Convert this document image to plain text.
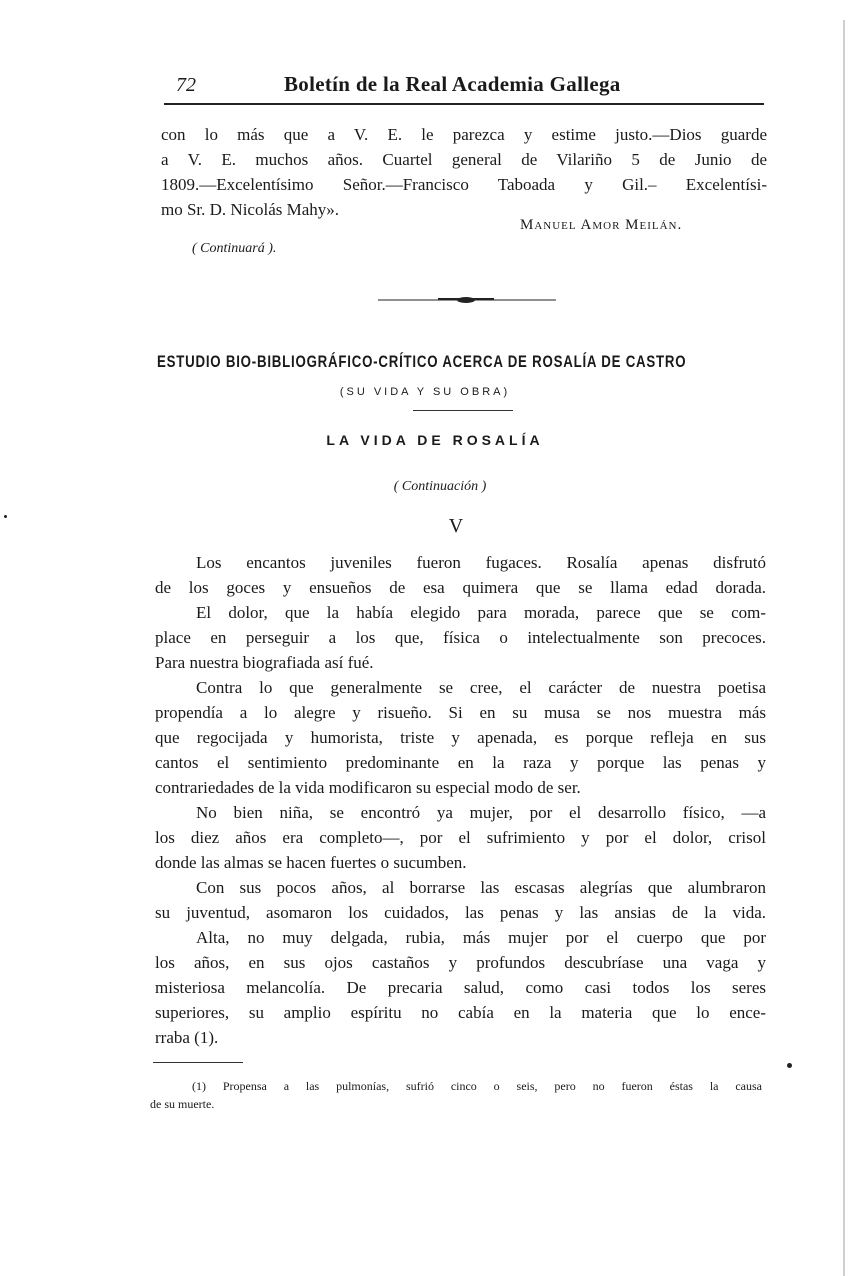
72	Boletín de la Real Academia Gallega
con lo más que a V. E. le parezca y estime justo.—Dios guarde
a V. E. muchos años. Cuartel general de Vilariño 5 de Junio de
1809.—Excelentísimo Señor.—Francisco Taboada y Gil.– Excelentísi-
mo Sr. D. Nicolás Mahy».
Manuel Amor Meilán.
( Continuará ).
ESTUDIO BIO-BIBLIOGRÁFICO-CRÍTICO ACERCA DE ROSALÍA DE CASTRO
(SU VIDA Y SU OBRA)
LA VIDA DE ROSALÍA
( Continuación )
V
Los encantos juveniles fueron fugaces. Rosalía apenas disfrutó
de los goces y ensueños de esa quimera que se llama edad dorada.
El dolor, que la había elegido para morada, parece que se com-
place en perseguir a los que, física o intelectualmente son precoces.
Para nuestra biografiada así fué.
Contra lo que generalmente se cree, el carácter de nuestra poetisa
propendía a lo alegre y risueño. Si en su musa se nos muestra más
que regocijada y humorista, triste y apenada, es porque refleja en sus
cantos el sentimiento predominante en la raza y porque las penas y
contrariedades de la vida modificaron su especial modo de ser.
No bien niña, se encontró ya mujer, por el desarrollo físico, —a
los diez años era completo—, por el sufrimiento y por el dolor, crisol
donde las almas se hacen fuertes o sucumben.
Con sus pocos años, al borrarse las escasas alegrías que alumbraron
su juventud, asomaron los cuidados, las penas y las ansias de la vida.
Alta, no muy delgada, rubia, más mujer por el cuerpo que por
los años, en sus ojos castaños y profundos descubríase una vaga y
misteriosa melancolía. De precaria salud, como casi todos los seres
superiores, su amplio espíritu no cabía en la materia que lo ence-
rraba (1).
(1) Propensa a las pulmonías, sufrió cinco o seis, pero no fueron éstas la causa
de su muerte.
